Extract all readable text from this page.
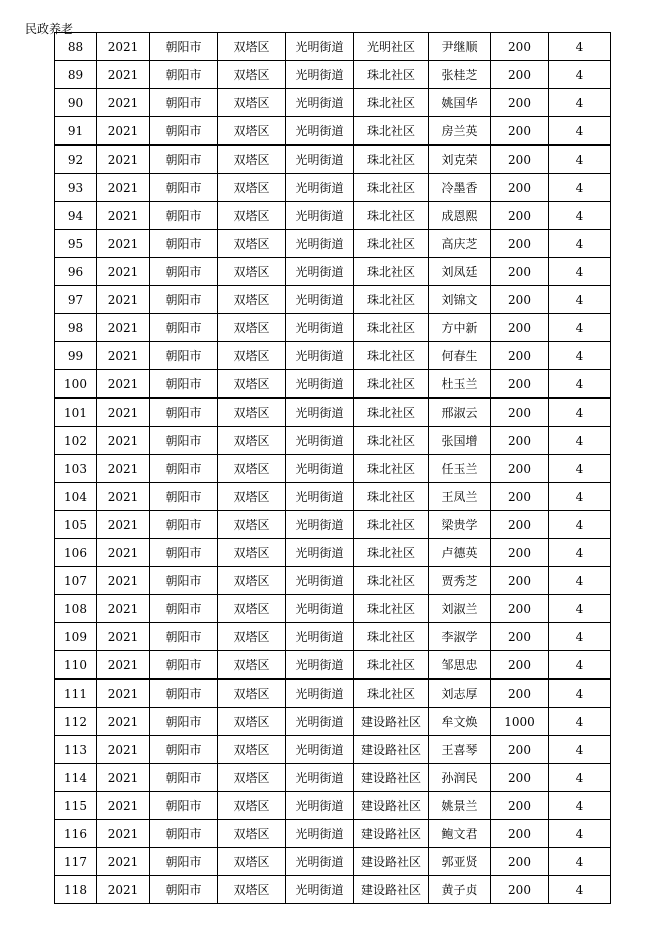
民政养老
88	2021	朝阳市	双塔区	光明街道	光明社区	尹继顺	200	4
89	2021	朝阳市	双塔区	光明街道	珠北社区	张桂芝	200	4
90	2021	朝阳市	双塔区	光明街道	珠北社区	姚国华	200	4
91	2021	朝阳市	双塔区	光明街道	珠北社区	房兰英	200	4
92	2021	朝阳市	双塔区	光明街道	珠北社区	刘克荣	200	4
93	2021	朝阳市	双塔区	光明街道	珠北社区	冷墨香	200	4
94	2021	朝阳市	双塔区	光明街道	珠北社区	成恩熙	200	4
95	2021	朝阳市	双塔区	光明街道	珠北社区	高庆芝	200	4
96	2021	朝阳市	双塔区	光明街道	珠北社区	刘凤廷	200	4
97	2021	朝阳市	双塔区	光明街道	珠北社区	刘锦文	200	4
98	2021	朝阳市	双塔区	光明街道	珠北社区	方中新	200	4
99	2021	朝阳市	双塔区	光明街道	珠北社区	何春生	200	4
100	2021	朝阳市	双塔区	光明街道	珠北社区	杜玉兰	200	4
101	2021	朝阳市	双塔区	光明街道	珠北社区	邢淑云	200	4
102	2021	朝阳市	双塔区	光明街道	珠北社区	张国增	200	4
103	2021	朝阳市	双塔区	光明街道	珠北社区	任玉兰	200	4
104	2021	朝阳市	双塔区	光明街道	珠北社区	王凤兰	200	4
105	2021	朝阳市	双塔区	光明街道	珠北社区	梁贵学	200	4
106	2021	朝阳市	双塔区	光明街道	珠北社区	卢德英	200	4
107	2021	朝阳市	双塔区	光明街道	珠北社区	贾秀芝	200	4
108	2021	朝阳市	双塔区	光明街道	珠北社区	刘淑兰	200	4
109	2021	朝阳市	双塔区	光明街道	珠北社区	李淑学	200	4
110	2021	朝阳市	双塔区	光明街道	珠北社区	邹思忠	200	4
111	2021	朝阳市	双塔区	光明街道	珠北社区	刘志厚	200	4
112	2021	朝阳市	双塔区	光明街道	建设路社区	牟文焕	1000	4
113	2021	朝阳市	双塔区	光明街道	建设路社区	王喜琴	200	4
114	2021	朝阳市	双塔区	光明街道	建设路社区	孙润民	200	4
115	2021	朝阳市	双塔区	光明街道	建设路社区	姚景兰	200	4
116	2021	朝阳市	双塔区	光明街道	建设路社区	鲍文君	200	4
117	2021	朝阳市	双塔区	光明街道	建设路社区	郭亚贤	200	4
118	2021	朝阳市	双塔区	光明街道	建设路社区	黄子贞	200	4
